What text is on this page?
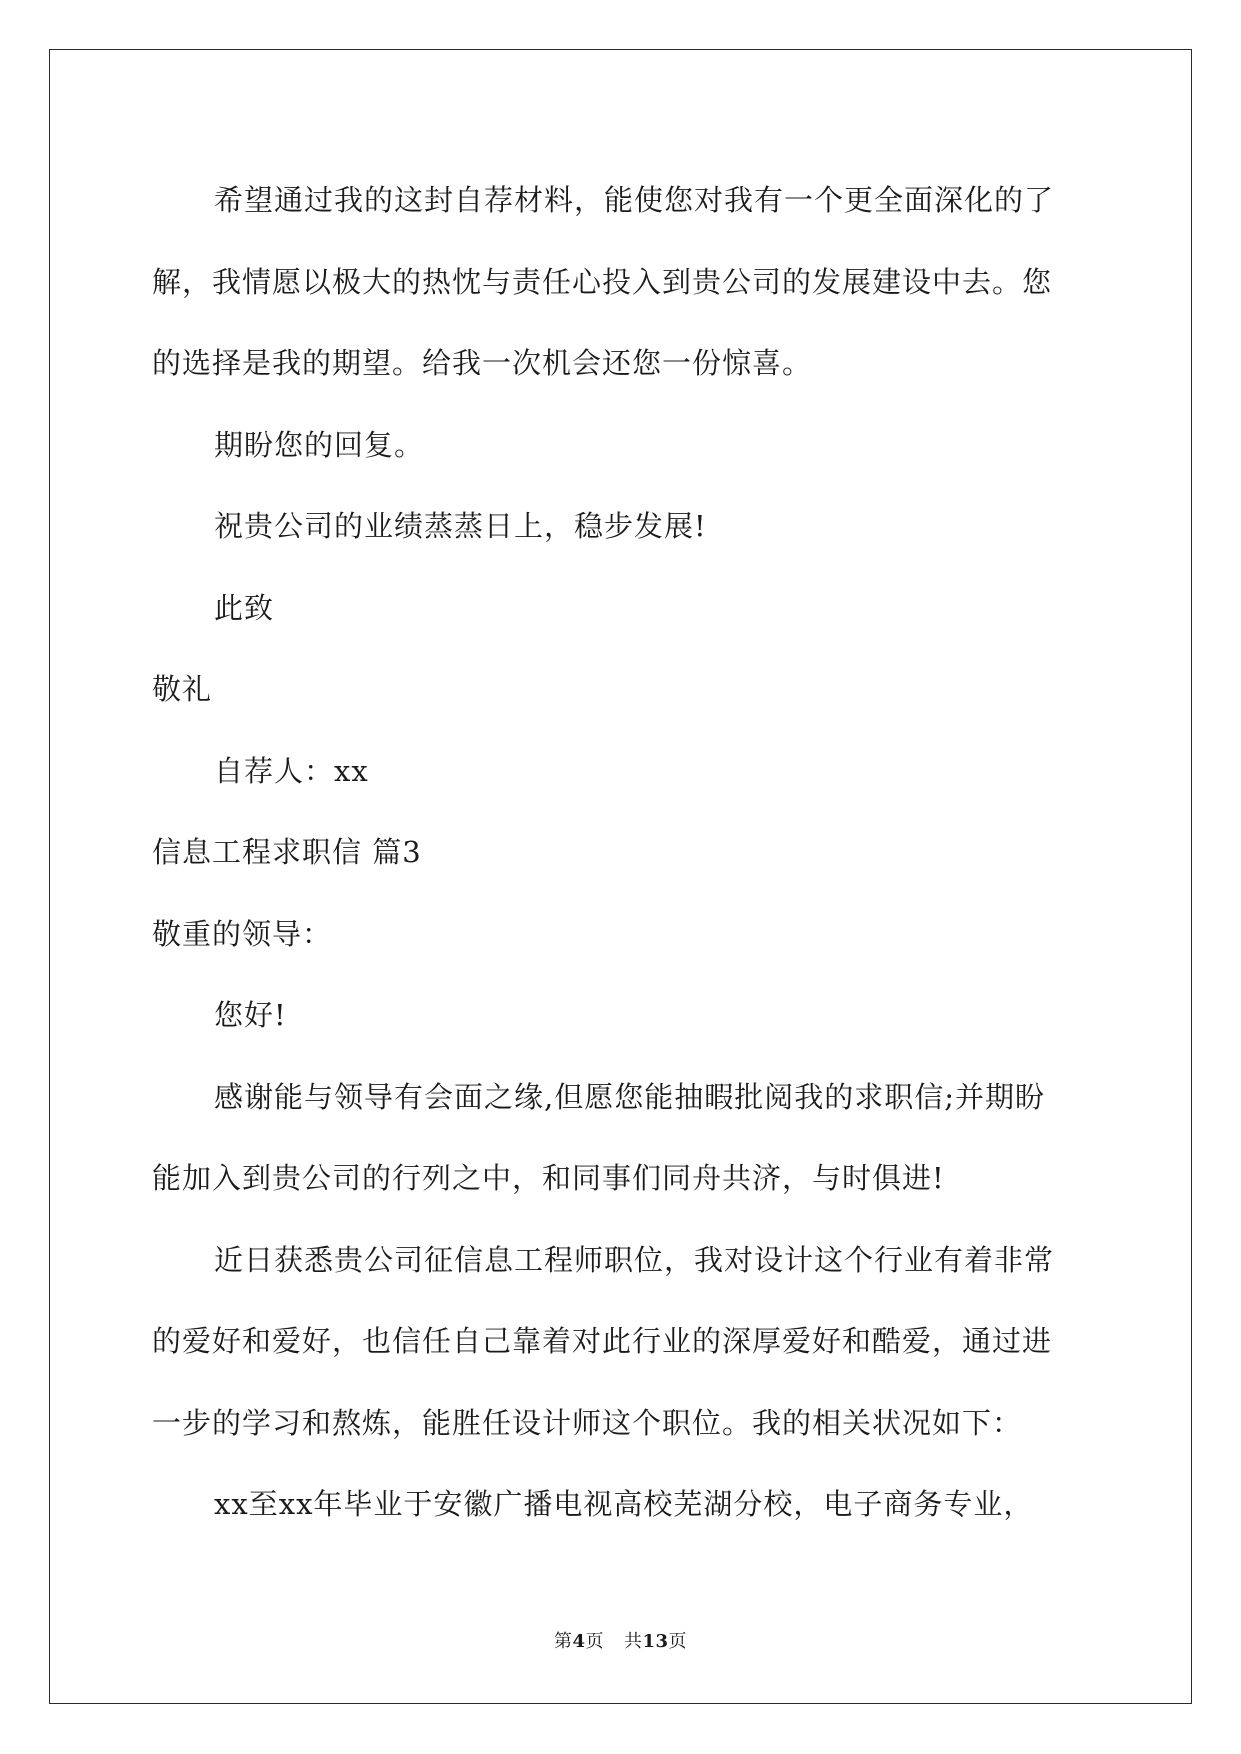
希望通过我的这封自荐材料，能使您对我有一个更全面深化的了

解，我情愿以极大的热忱与责任心投入到贵公司的发展建设中去。您

的选择是我的期望。给我一次机会还您一份惊喜。

期盼您的回复。

祝贵公司的业绩蒸蒸日上，稳步发展!

此致

敬礼

自荐人：xx

信息工程求职信 篇3

敬重的领导：

您好!

感谢能与领导有会面之缘,但愿您能抽暇批阅我的求职信;并期盼

能加入到贵公司的行列之中，和同事们同舟共济，与时俱进!

近日获悉贵公司征信息工程师职位，我对设计这个行业有着非常

的爱好和爱好，也信任自己靠着对此行业的深厚爱好和酷爱，通过进

一步的学习和熬炼，能胜任设计师这个职位。我的相关状况如下：

xx至xx年毕业于安徽广播电视高校芜湖分校，电子商务专业，

第4页 共13页
